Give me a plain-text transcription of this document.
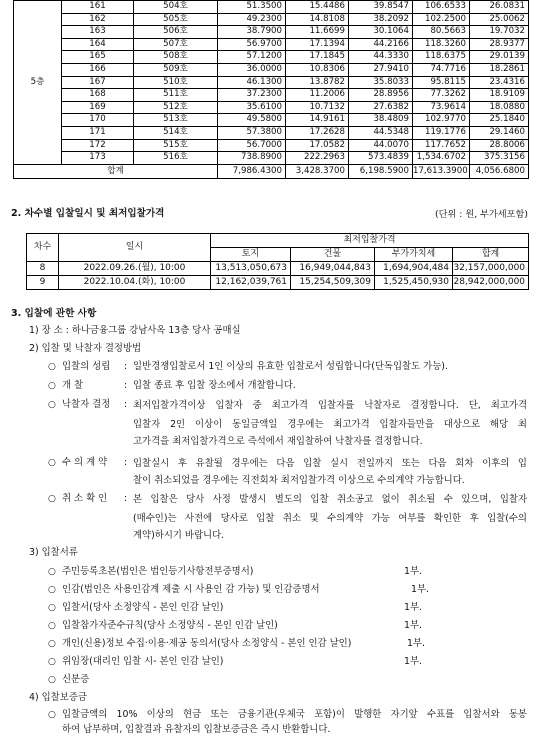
5층	161	504호	51.3500	15.4486	39.8547	106.6533	26.0831
	162	505호	49.2300	14.8108	38.2092	102.2500	25.0062
	163	506호	38.7900	11.6699	30.1064	80.5663	19.7032
	164	507호	56.9700	17.1394	44.2166	118.3260	28.9377
	165	508호	57.1200	17.1845	44.3330	118.6375	29.0139
	166	509호	36.0000	10.8306	27.9410	74.7716	18.2861
	167	510호	46.1300	13.8782	35.8033	95.8115	23.4316
	168	511호	37.2300	11.2006	28.8956	77.3262	18.9109
	169	512호	35.6100	10.7132	27.6382	73.9614	18.0880
	170	513호	49.5800	14.9161	38.4809	102.9770	25.1840
	171	514호	57.3800	17.2628	44.5348	119.1776	29.1460
	172	515호	56.7000	17.0582	44.0070	117.7652	28.8006
	173	516호	738.8900	222.2963	573.4839	1,534.6702	375.3156
합계			7,986.4300	3,428.3700	6,198.5900	17,613.3900	4,056.6800
2. 차수별 입찰일시 및 최저입찰가격	(단위 : 원, 부가세포함)
차수	일시	최저입찰가격			
		토지	건물	부가가치세	합계
8	2022.09.26.(월), 10:00	13,513,050,673	16,949,044,843	1,694,904,484	32,157,000,000
9	2022.10.04.(화), 10:00	12,162,039,761	15,254,509,309	1,525,450,930	28,942,000,000
3. 입찰에 관한 사항
1) 장 소 : 하나금융그룹 강남사옥 13층 당사 공매실
2) 입찰 및 낙찰자 결정방법
○ 입찰의 성립 : 일반경쟁입찰로서 1인 이상의 유효한 입찰로서 성립합니다(단독입찰도 가능).
○ 개 찰	: 입찰 종료 후 입찰 장소에서 개찰합니다.
○ 낙찰자 결정 : 최저입찰가격이상 입찰자 중 최고가격 입찰자를 낙찰자로 결정합니다. 단, 최고가격
입찰자 2인 이상이 동일금액일 경우에는 최고가격 입찰자들만을 대상으로 해당 최
고가격을 최저입찰가격으로 즉석에서 재입찰하여 낙찰자를 결정합니다.
○ 수 의 계 약 : 입찰실시 후 유찰될 경우에는 다음 입찰 실시 전일까지 또는 다음 회차 이후의 입
찰이 취소되었을 경우에는 직전회차 최저입찰가격 이상으로 수의계약 가능합니다.
○ 취 소 확 인 : 본 입찰은 당사 사정 발생시 별도의 입찰 취소공고 없이 취소될 수 있으며, 입찰자
(매수인)는 사전에 당사로 입찰 취소 및 수의계약 가능 여부를 확인한 후 입찰(수의
계약)하시기 바랍니다.
3) 입찰서류
○ 주민등록초본(법인은 법인등기사항전부증명서)	1부.
○ 인감(법인은 사용인감계 제출 시 사용인 감 가능) 및 인감증명서	1부.
○ 입찰서(당사 소정양식 - 본인 인감 날인)	1부.
○ 입찰참가자준수규칙(당사 소정양식 - 본인 인감 날인)	1부.
○ 개인(신용)정보 수집·이용·제공 동의서(당사 소정양식 - 본인 인감 날인)	1부.
○ 위임장(대리인 입찰 시- 본인 인감 날인)	1부.
○ 신분증
4) 입찰보증금
○ 입찰금액의 10% 이상의 현금 또는 금융기관(우체국 포함)이 발행한 자기앞 수표를 입찰서와 동봉
하여 납부하며, 입찰결과 유찰자의 입찰보증금은 즉시 반환합니다.
